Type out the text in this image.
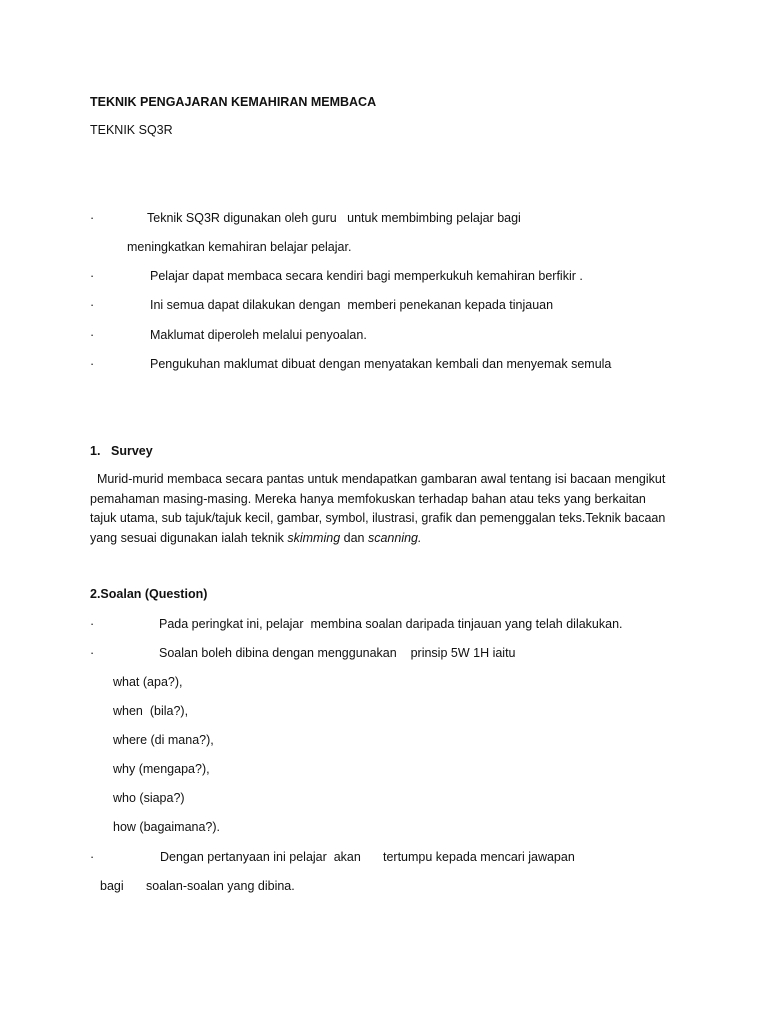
TEKNIK PENGAJARAN KEMAHIRAN MEMBACA
TEKNIK SQ3R
·	Teknik SQ3R digunakan oleh guru   untuk membimbing pelajar bagi
meningkatkan kemahiran belajar pelajar.
·	Pelajar dapat membaca secara kendiri bagi memperkukuh kemahiran berfikir .
·	Ini semua dapat dilakukan dengan  memberi penekanan kepada tinjauan
·	Maklumat diperoleh melalui penyoalan.
·	Pengukuhan maklumat dibuat dengan menyatakan kembali dan menyemak semula
1. Survey
Murid-murid membaca secara pantas untuk mendapatkan gambaran awal tentang isi bacaan mengikut
pemahaman masing-masing. Mereka hanya memfokuskan terhadap bahan atau teks yang berkaitan
tajuk utama, sub tajuk/tajuk kecil, gambar, symbol, ilustrasi, grafik dan pemenggalan teks.Teknik bacaan
yang sesuai digunakan ialah teknik skimming dan scanning.
2.Soalan (Question)
·	Pada peringkat ini, pelajar  membina soalan daripada tinjauan yang telah dilakukan.
·	Soalan boleh dibina dengan menggunakan    prinsip 5W 1H iaitu
what (apa?),
when  (bila?),
where (di mana?),
why (mengapa?),
who (siapa?)
how (bagaimana?).
·	Dengan pertanyaan ini pelajar  akan tertumpu kepada mencari jawapan
bagi soalan-soalan yang dibina.
